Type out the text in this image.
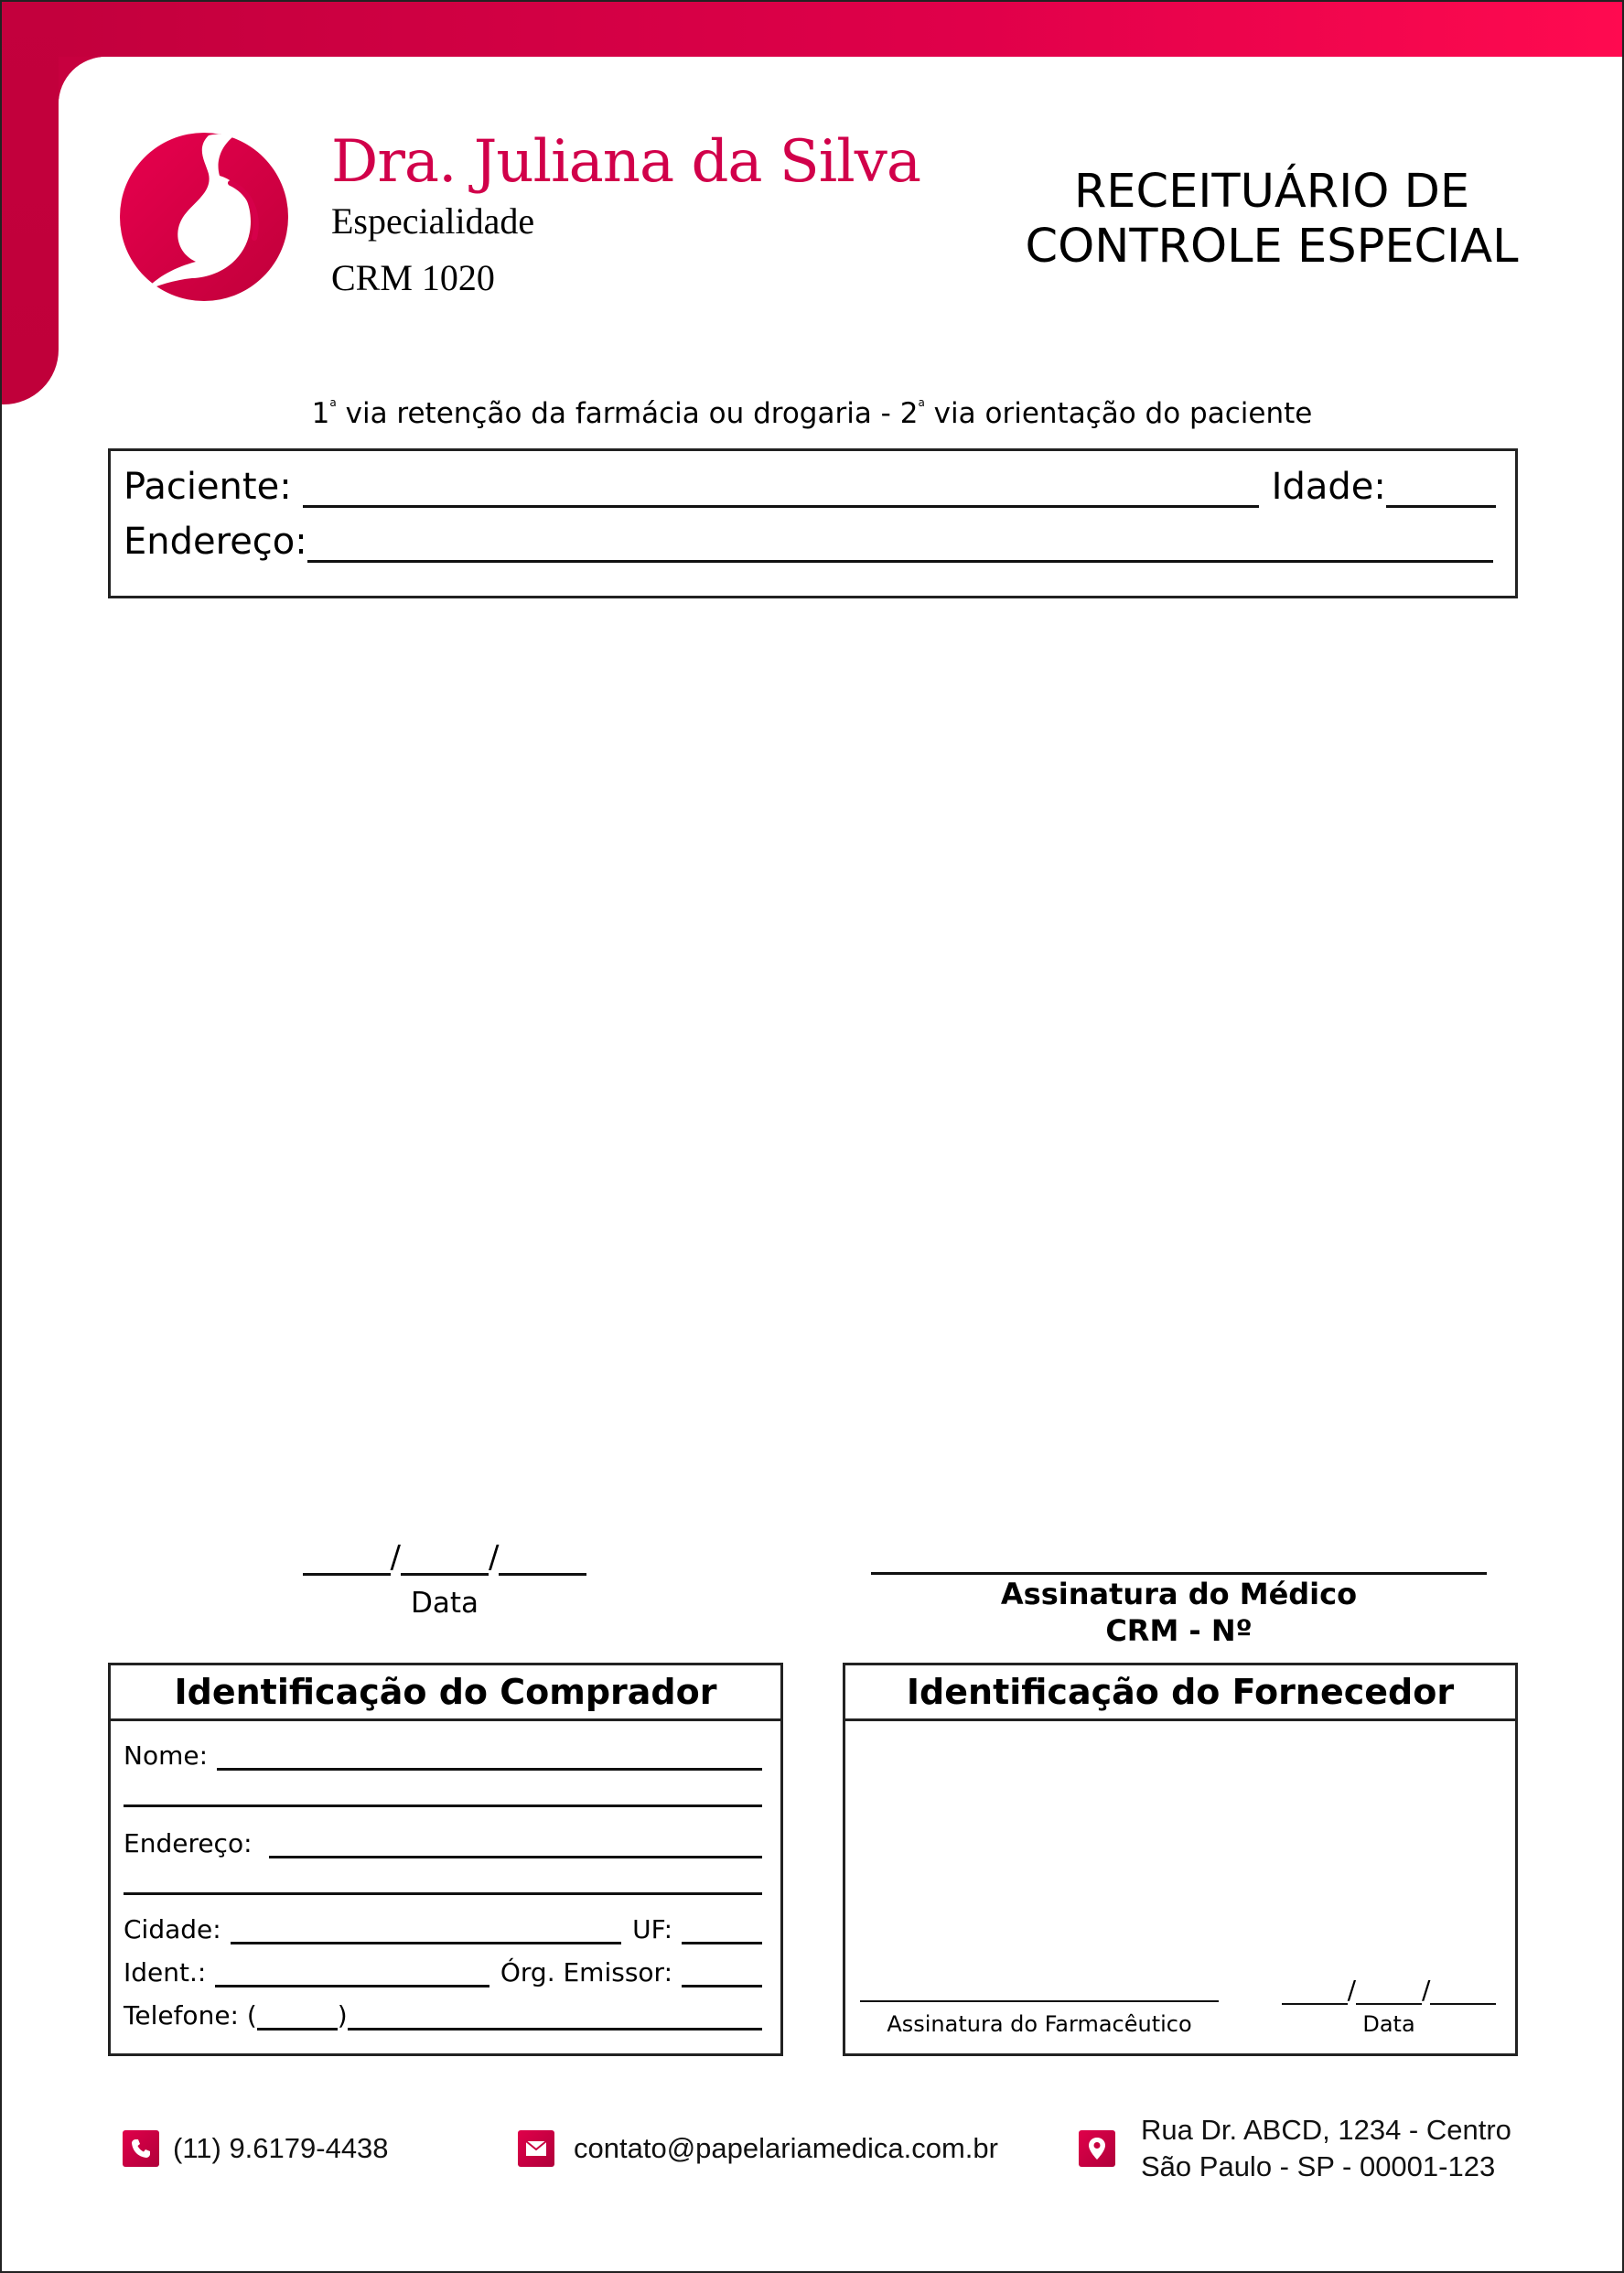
Dra. Juliana da Silva
Especialidade
CRM 1020
RECEITUÁRIO DE
CONTROLE ESPECIAL
1$^a$ via retenção da farmácia ou drogaria - 2$^a$ via orientação do paciente
Paciente:	Idade:
Endereço:
/	/
Data	Assinatura do Médico
CRM - Nº
Identificação do Comprador
Nome:
Endereço:
Cidade:	UF:
Ident.:	Órg. Emissor:
Telefone: (	)
Identificação do Fornecedor
Assinatura do Farmacêutico
/	/
Data
(11) 9.6179-4438	contato@papelariamedica.com.br
Rua Dr. ABCD, 1234 - Centro
São Paulo - SP - 00001-123
